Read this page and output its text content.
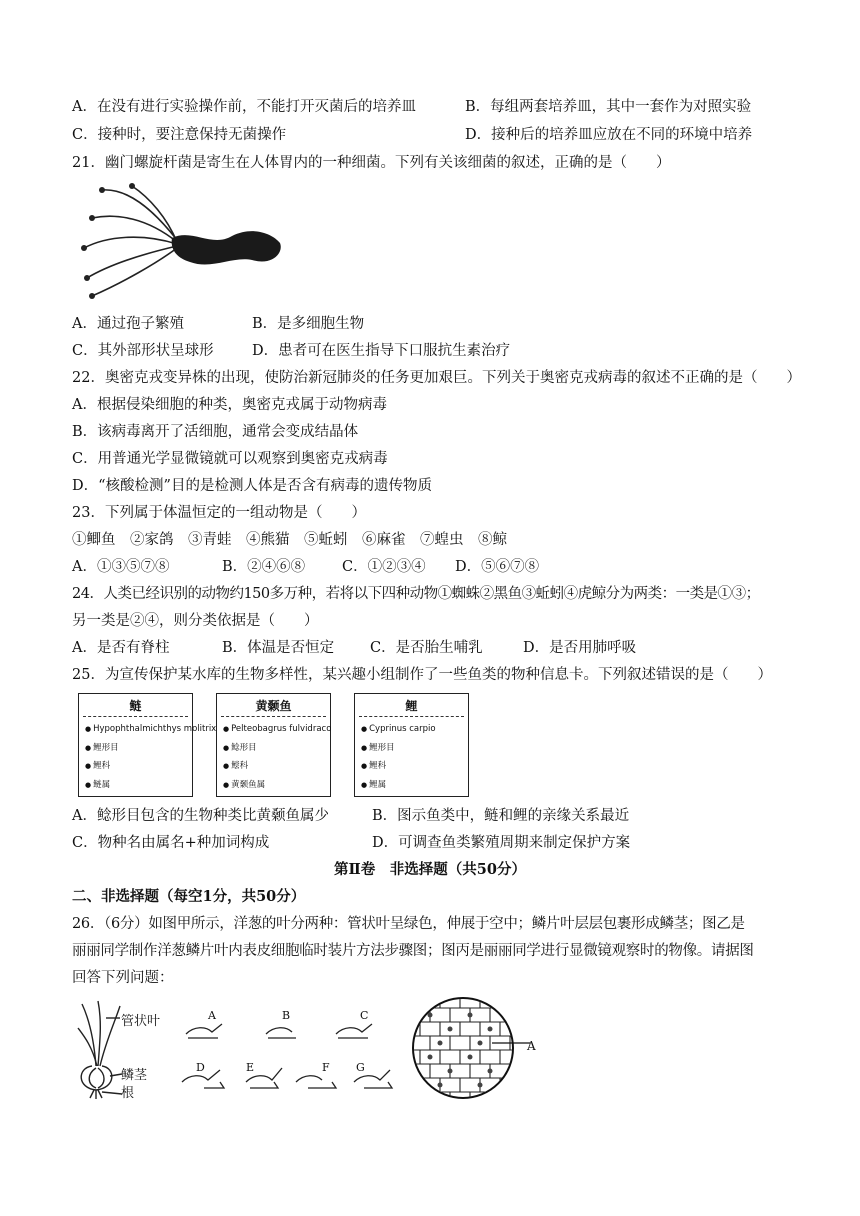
A．在没有进行实验操作前，不能打开灭菌后的培养皿	B．每组两套培养皿，其中一套作为对照实验
C．接种时，要注意保持无菌操作	D．接种后的培养皿应放在不同的环境中培养
21．幽门螺旋杆菌是寄生在人体胃内的一种细菌。下列有关该细菌的叙述，正确的是（　　）
A．通过孢子繁殖	B．是多细胞生物
C．其外部形状呈球形	D．患者可在医生指导下口服抗生素治疗
22．奥密克戎变异株的出现，使防治新冠肺炎的任务更加艰巨。下列关于奥密克戎病毒的叙述不正确的是（　　）
A．根据侵染细胞的种类，奥密克戎属于动物病毒
B．该病毒离开了活细胞，通常会变成结晶体
C．用普通光学显微镜就可以观察到奥密克戎病毒
D．“核酸检测”目的是检测人体是否含有病毒的遗传物质
23．下列属于体温恒定的一组动物是（　　）
①鲫鱼　②家鸽　③青蛙　④熊猫　⑤蚯蚓　⑥麻雀　⑦蝗虫　⑧鲸
A．①③⑤⑦⑧	B．②④⑥⑧	C．①②③④ D．⑤⑥⑦⑧
24．人类已经识别的动物约150多万种，若将以下四种动物①蜘蛛②黑鱼③蚯蚓④虎鲸分为两类：一类是①③；
另一类是②④，则分类依据是（　　）
A．是否有脊柱	B．体温是否恒定 C．是否胎生哺乳	D．是否用肺呼吸
25．为宣传保护某水库的生物多样性，某兴趣小组制作了一些鱼类的物种信息卡。下列叙述错误的是（　　）
鲢
● Hypophthalmichthys molitrix
● 鲤形目
● 鲤科
● 鲢属
黄颡鱼
● Pelteobagrus fulvidraco
● 鲶形目
● 鲿科
● 黄颡鱼属
鲤
● Cyprinus carpio
● 鲤形目
● 鲤科
● 鲤属
A．鲶形目包含的生物种类比黄颡鱼属少	B．图示鱼类中，鲢和鲤的亲缘关系最近
C．物种名由属名+种加词构成	D．可调查鱼类繁殖周期来制定保护方案
第Ⅱ卷　非选择题（共50分）
二、非选择题（每空1分，共50分）
26．（6分）如图甲所示，洋葱的叶分两种：管状叶呈绿色，伸展于空中；鳞片叶层层包裹形成鳞茎；图乙是
丽丽同学制作洋葱鳞片叶内表皮细胞临时装片方法步骤图；图丙是丽丽同学进行显微镜观察时的物像。请据图
回答下列问题：
管状叶
鳞茎
根
A	B	C
D	E	F G
A
